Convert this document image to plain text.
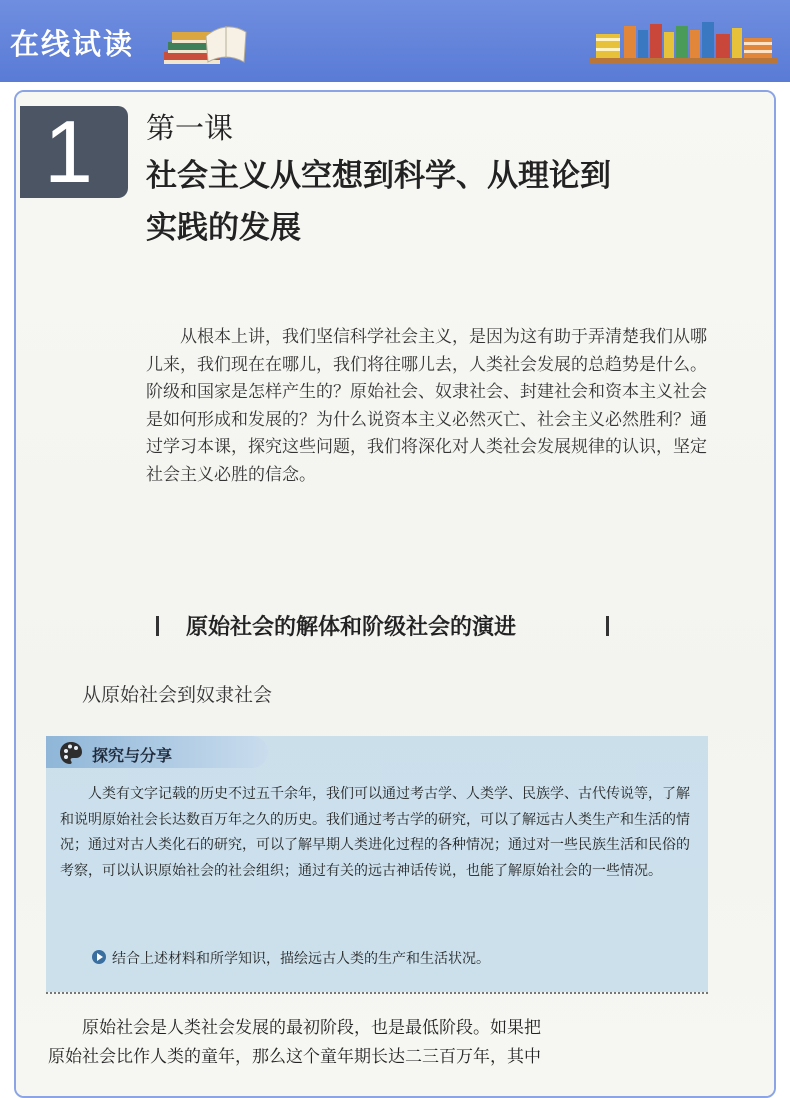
在线试读
1 第一课
社会主义从空想到科学、从理论到
实践的发展

从根本上讲，我们坚信科学社会主义，是因为这有助于弄清楚我们从哪儿来，我们现在在哪儿，我们将往哪儿去，人类社会发展的总趋势是什么。阶级和国家是怎样产生的？原始社会、奴隶社会、封建社会和资本主义社会是如何形成和发展的？为什么说资本主义必然灭亡、社会主义必然胜利？通过学习本课，探究这些问题，我们将深化对人类社会发展规律的认识，坚定社会主义必胜的信念。

原始社会的解体和阶级社会的演进
从原始社会到奴隶社会
探究与分享

人类有文字记载的历史不过五千余年，我们可以通过考古学、人类学、民族学、古代传说等，了解和说明原始社会长达数百万年之久的历史。我们通过考古学的研究，可以了解远古人类生产和生活的情况；通过对古人类化石的研究，可以了解早期人类进化过程的各种情况；通过对一些民族生活和民俗的考察，可以认识原始社会的社会组织；通过有关的远古神话传说，也能了解原始社会的一些情况。

结合上述材料和所学知识，描绘远古人类的生产和生活状况。

原始社会是人类社会发展的最初阶段，也是最低阶段。如果把原始社会比作人类的童年，那么这个童年期长达二三百万年，其中
